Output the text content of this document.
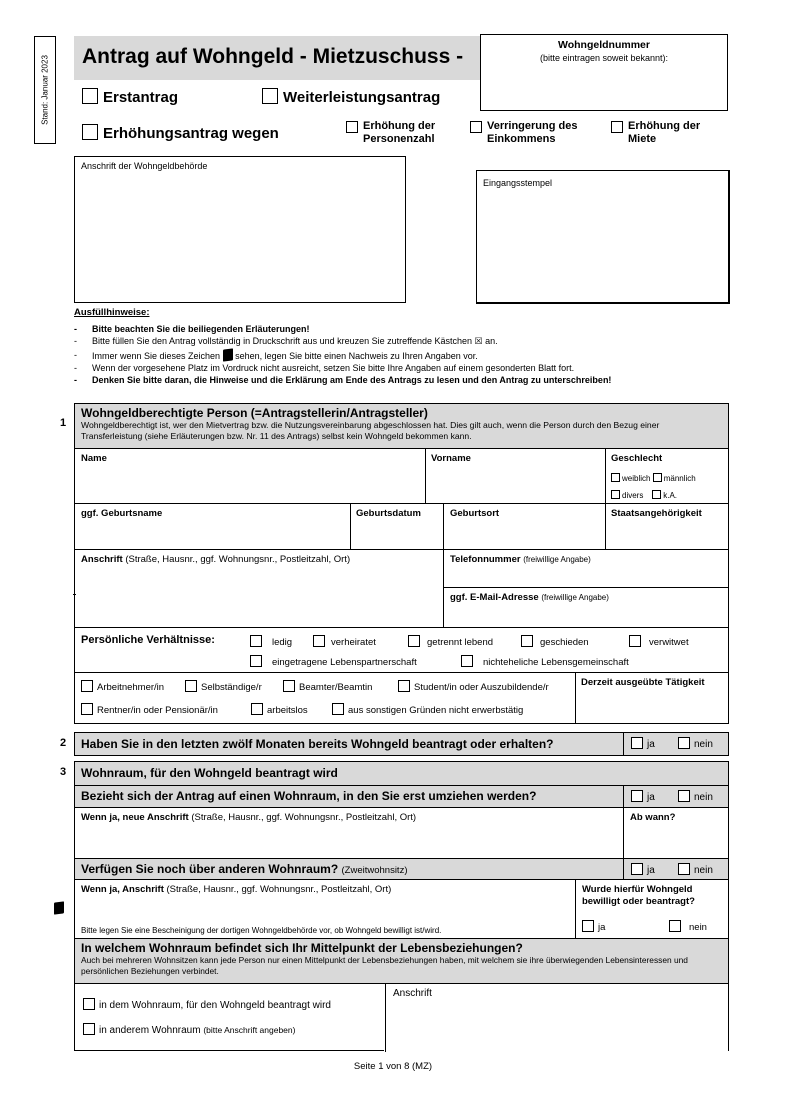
Stand: Januar 2023 Antrag auf Wohngeld - Mietzuschuss -	Wohngeldnummer
(bitte eintragen soweit bekannt):
Erstantrag	Weiterleistungsantrag
Erhöhungsantrag wegen	Erhöhung der Personenzahl
Verringerung des Einkommens
Erhöhung der Miete
Anschrift der Wohngeldbehörde
Eingangsstempel
Ausfüllhinweise:
- Bitte beachten Sie die beiliegenden Erläuterungen!
- Bitte füllen Sie den Antrag vollständig in Druckschrift aus und kreuzen Sie zutreffende Kästchen ☒ an.
- Immer wenn Sie dieses Zeichen sehen, legen Sie bitte einen Nachweis zu Ihren Angaben vor.
- Wenn der vorgesehene Platz im Vordruck nicht ausreicht, setzen Sie bitte Ihre Angaben auf einem gesonderten Blatt fort.
- Denken Sie bitte daran, die Hinweise und die Erklärung am Ende des Antrags zu lesen und den Antrag zu unterschreiben!
1
Wohngeldberechtigte Person (=Antragstellerin/Antragsteller)
Wohngeldberechtigt ist, wer den Mietvertrag bzw. die Nutzungsvereinbarung abgeschlossen hat. Dies gilt auch, wenn die Person durch den Bezug einer Transferleistung (siehe Erläuterungen bzw. Nr. 11 des Antrags) selbst kein Wohngeld bekommen kann.
Name	Vorname	Geschlecht
weiblich männlich
divers k.A.
ggf. Geburtsname	Geburtsdatum	Geburtsort	Staatsangehörigkeit
Anschrift (Straße, Hausnr., ggf. Wohnungsnr., Postleitzahl, Ort)	Telefonnummer (freiwillige Angabe)
ggf. E-Mail-Adresse (freiwillige Angabe)
Persönliche Verhältnisse:	ledig	verheiratet	getrennt lebend	geschieden	verwitwet
eingetragene Lebenspartnerschaft	nichteheliche Lebensgemeinschaft
Arbeitnehmer/in	Selbständige/r	Beamter/Beamtin	Student/in oder Auszubildende/r
Rentner/in oder Pensionär/in	arbeitslos	aus sonstigen Gründen nicht erwerbstätig
Derzeit ausgeübte Tätigkeit
2 Haben Sie in den letzten zwölf Monaten bereits Wohngeld beantragt oder erhalten?	ja	nein
3 Wohnraum, für den Wohngeld beantragt wird
Bezieht sich der Antrag auf einen Wohnraum, in den Sie erst umziehen werden?	ja	nein
Wenn ja, neue Anschrift (Straße, Hausnr., ggf. Wohnungsnr., Postleitzahl, Ort)	Ab wann?
Verfügen Sie noch über anderen Wohnraum? (Zweitwohnsitz)	ja	nein
Wenn ja, Anschrift (Straße, Hausnr., ggf. Wohnungsnr., Postleitzahl, Ort)
Bitte legen Sie eine Bescheinigung der dortigen Wohngeldbehörde vor, ob Wohngeld bewilligt ist/wird.
Wurde hierfür Wohngeld bewilligt oder beantragt?
ja	nein
In welchem Wohnraum befindet sich Ihr Mittelpunkt der Lebensbeziehungen?
Auch bei mehreren Wohnsitzen kann jede Person nur einen Mittelpunkt der Lebensbeziehungen haben, mit welchem sie ihre überwiegenden Lebensinteressen und persönlichen Beziehungen verbindet.
in dem Wohnraum, für den Wohngeld beantragt wird
in anderem Wohnraum (bitte Anschrift angeben)
Anschrift
Seite 1 von 8 (MZ)
